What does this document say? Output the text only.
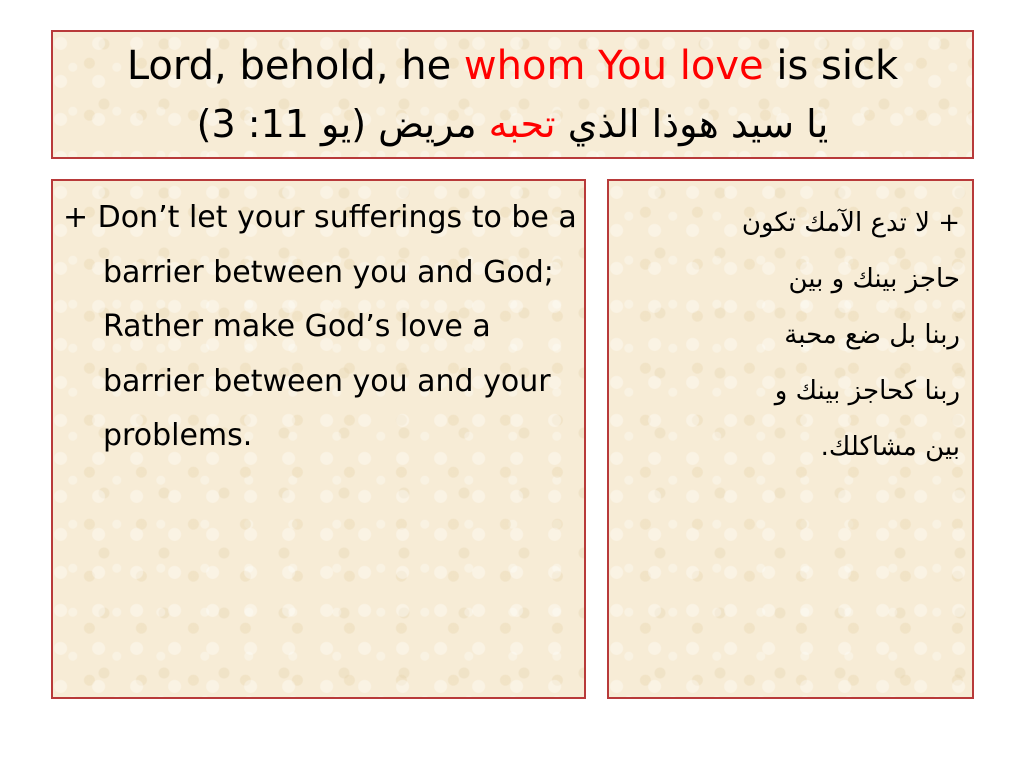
Lord, behold, he whom You love is sick
يا سيد هوذا الذي تحبه مريض (يو 11: 3)
+ Don’t let your sufferings to be a barrier between you and God; Rather make God’s love a barrier between you and your problems.
+ لا تدع الآمك تكون
حاجز بينك و بين
ربنا بل ضع محبة
ربنا كحاجز بينك و
بين مشاكلك.
